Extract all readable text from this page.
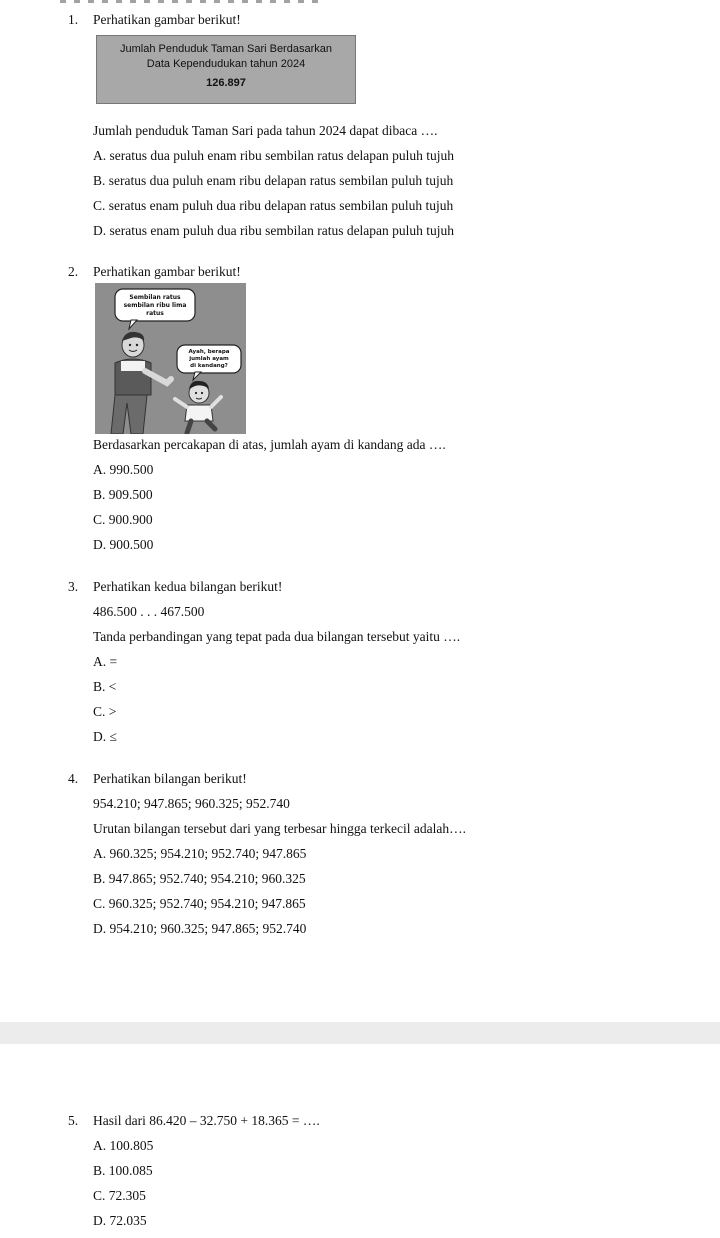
1. Perhatikan gambar berikut!
Jumlah Penduduk Taman Sari Berdasarkan
Data Kependudukan tahun 2024
126.897
Jumlah penduduk Taman Sari pada tahun 2024 dapat dibaca ….
A. seratus dua puluh enam ribu sembilan ratus delapan puluh tujuh
B. seratus dua puluh enam ribu delapan ratus sembilan puluh tujuh
C. seratus enam puluh dua ribu delapan ratus sembilan puluh tujuh
D. seratus enam puluh dua ribu sembilan ratus delapan puluh tujuh
2. Perhatikan gambar berikut!
Sembilan ratus
sembilan ribu lima
ratus
Ayah, berapa
jumlah ayam
di kandang?
Berdasarkan percakapan di atas, jumlah ayam di kandang ada ….
A. 990.500
B. 909.500
C. 900.900
D. 900.500
3. Perhatikan kedua bilangan berikut!
486.500 . . . 467.500
Tanda perbandingan yang tepat pada dua bilangan tersebut yaitu ….
A. =
B. <
C. >
D. ≤
4. Perhatikan bilangan berikut!
954.210; 947.865; 960.325; 952.740
Urutan bilangan tersebut dari yang terbesar hingga terkecil adalah….
A. 960.325; 954.210; 952.740; 947.865
B. 947.865; 952.740; 954.210; 960.325
C. 960.325; 952.740; 954.210; 947.865
D. 954.210; 960.325; 947.865; 952.740
5. Hasil dari 86.420 – 32.750 + 18.365 = ….
A. 100.805
B. 100.085
C. 72.305
D. 72.035
